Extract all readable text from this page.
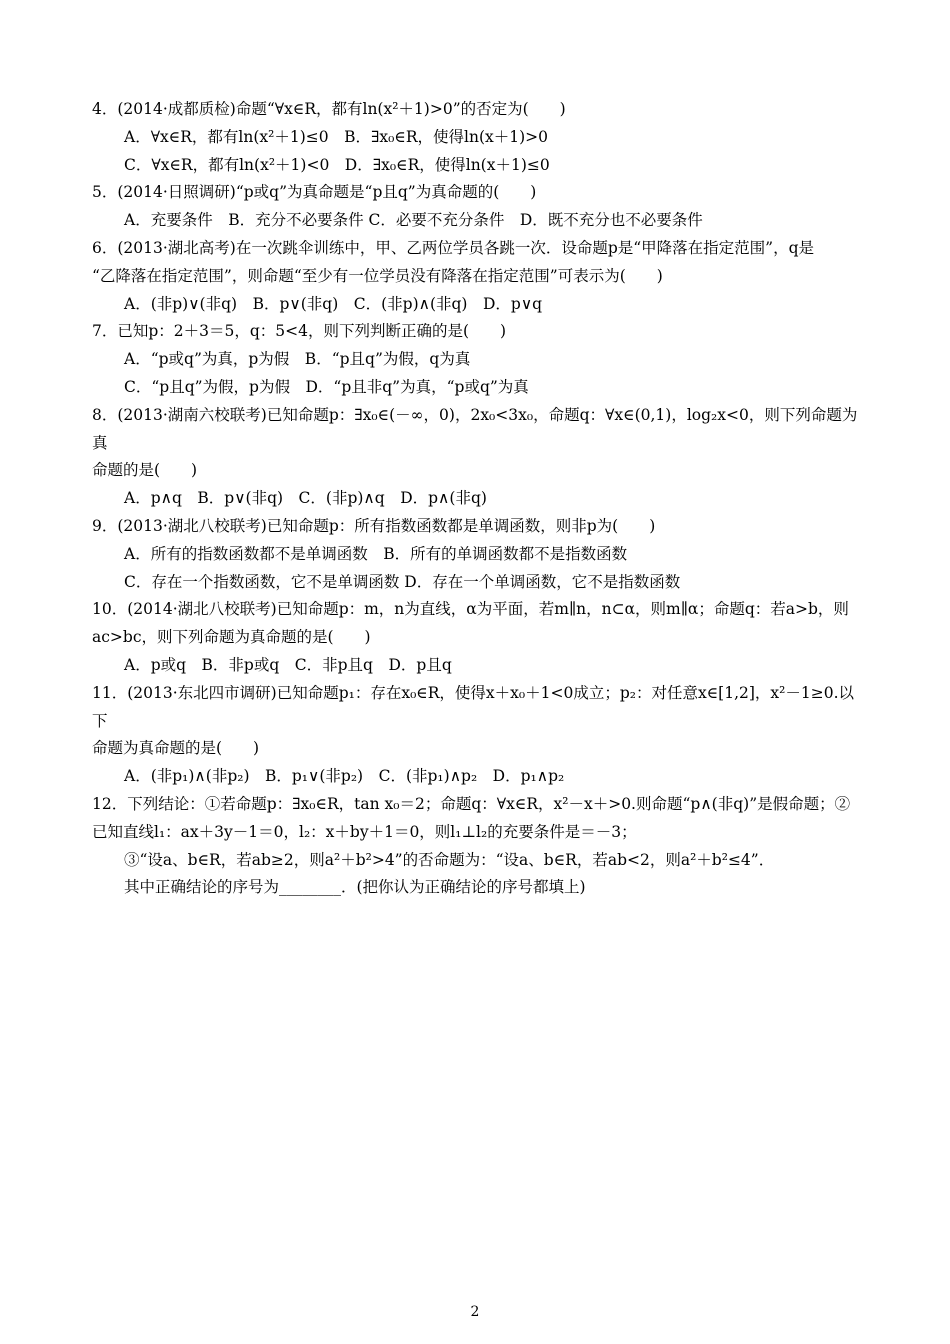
4．(2014·成都质检)命题“∀x∈R，都有ln(x²＋1)>0”的否定为(　　)

A．∀x∈R，都有ln(x²＋1)≤0　B．∃x₀∈R，使得ln(x＋1)>0

C．∀x∈R，都有ln(x²＋1)<0　D．∃x₀∈R，使得ln(x＋1)≤0

5．(2014·日照调研)“p或q”为真命题是“p且q”为真命题的(　　)

A．充要条件　B．充分不必要条件 C．必要不充分条件　D．既不充分也不必要条件

6．(2013·湖北高考)在一次跳伞训练中，甲、乙两位学员各跳一次．设命题p是“甲降落在指定范围”，q是

“乙降落在指定范围”，则命题“至少有一位学员没有降落在指定范围”可表示为(　　)

A．(非p)∨(非q)　B．p∨(非q)　C．(非p)∧(非q)　D．p∨q

7．已知p：2＋3＝5，q：5<4，则下列判断正确的是(　　)

A．“p或q”为真，p为假　B．“p且q”为假，q为真

C．“p且q”为假，p为假　D．“p且非q”为真，“p或q”为真

8．(2013·湖南六校联考)已知命题p：∃x₀∈(－∞，0)，2x₀<3x₀，命题q：∀x∈(0,1)，log₂x<0，则下列命题为真

命题的是(　　)

A．p∧q　B．p∨(非q)　C．(非p)∧q　D．p∧(非q)

9．(2013·湖北八校联考)已知命题p：所有指数函数都是单调函数，则非p为(　　)

A．所有的指数函数都不是单调函数　B．所有的单调函数都不是指数函数

C．存在一个指数函数，它不是单调函数 D．存在一个单调函数，它不是指数函数

10．(2014·湖北八校联考)已知命题p：m，n为直线，α为平面，若m∥n，n⊂α，则m∥α；命题q：若a>b，则

ac>bc，则下列命题为真命题的是(　　)

A．p或q　B．非p或q　C．非p且q　D．p且q

11．(2013·东北四市调研)已知命题p₁：存在x₀∈R，使得x＋x₀＋1<0成立；p₂：对任意x∈[1,2]，x²－1≥0.以下

命题为真命题的是(　　)

A．(非p₁)∧(非p₂)　B．p₁∨(非p₂)　C．(非p₁)∧p₂　D．p₁∧p₂

12．下列结论：①若命题p：∃x₀∈R，tan x₀＝2；命题q：∀x∈R，x²－x＋>0.则命题“p∧(非q)”是假命题；②

已知直线l₁：ax＋3y－1＝0，l₂：x＋by＋1＝0，则l₁⊥l₂的充要条件是＝－3；

③“设a、b∈R，若ab≥2，则a²＋b²>4”的否命题为：“设a、b∈R，若ab<2，则a²＋b²≤4”．

其中正确结论的序号为________．(把你认为正确结论的序号都填上)

2
